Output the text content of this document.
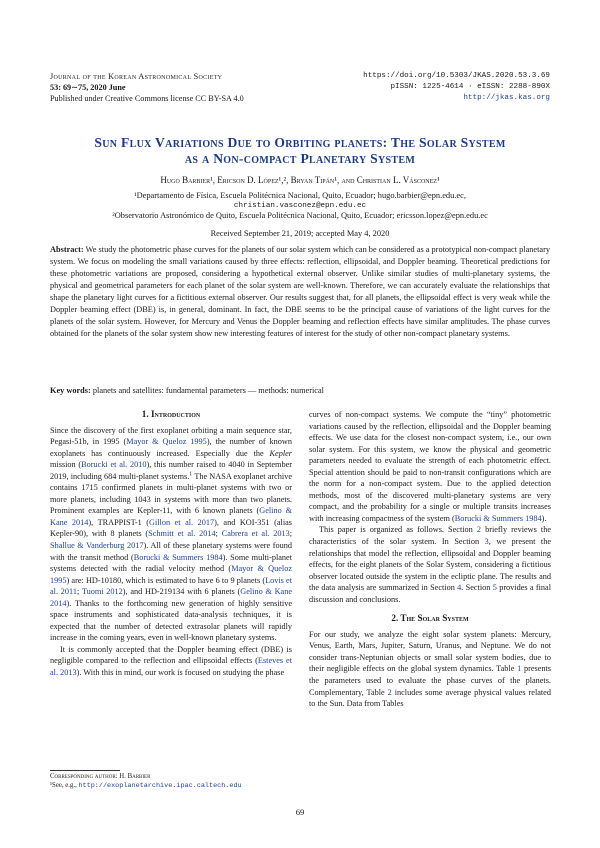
Journal of the Korean Astronomical Society
53: 69∼75, 2020 June
Published under Creative Commons license CC BY-SA 4.0
https://doi.org/10.5303/JKAS.2020.53.3.69
pISSN: 1225-4614 · eISSN: 2288-890X
http://jkas.kas.org
Sun Flux Variations Due to Orbiting planets: The Solar System
as a Non-compact Planetary System
Hugo Barbier¹, Ericson D. López¹,², Bryan Tipán¹, and Christian L. Vásconez¹
¹Departamento de Física, Escuela Politécnica Nacional, Quito, Ecuador; hugo.barbier@epn.edu.ec,
christian.vasconez@epn.edu.ec
²Observatorio Astronómico de Quito, Escuela Politécnica Nacional, Quito, Ecuador; ericsson.lopez@epn.edu.ec
Received September 21, 2019; accepted May 4, 2020
Abstract: We study the photometric phase curves for the planets of our solar system which can be considered as a prototypical non-compact planetary system. We focus on modeling the small variations caused by three effects: reflection, ellipsoidal, and Doppler beaming. Theoretical predictions for these photometric variations are proposed, considering a hypothetical external observer. Unlike similar studies of multi-planetary systems, the physical and geometrical parameters for each planet of the solar system are well-known. Therefore, we can accurately evaluate the relationships that shape the planetary light curves for a fictitious external observer. Our results suggest that, for all planets, the ellipsoidal effect is very weak while the Doppler beaming effect (DBE) is, in general, dominant. In fact, the DBE seems to be the principal cause of variations of the light curves for the planets of the solar system. However, for Mercury and Venus the Doppler beaming and reflection effects have similar amplitudes. The phase curves obtained for the planets of the solar system show new interesting features of interest for the study of other non-compact planetary systems.
Key words: planets and satellites: fundamental parameters — methods: numerical
1. Introduction

Since the discovery of the first exoplanet orbiting a main sequence star, Pegasi-51b, in 1995 (Mayor & Queloz 1995), the number of known exoplanets has continuously increased. Especially due the Kepler mission (Borucki et al. 2010), this number raised to 4040 in September 2019, including 684 multi-planet systems.$^1$ The NASA exoplanet archive contains 1715 confirmed planets in multi-planet systems with two or more planets, including 1043 in systems with more than two planets. Prominent examples are Kepler-11, with 6 known planets (Gelino & Kane 2014), TRAPPIST-1 (Gillon et al. 2017), and KOI-351 (alias Kepler-90), with 8 planets (Schmitt et al. 2014; Cabrera et al. 2013; Shallue & Vanderburg 2017). All of these planetary systems were found with the transit method (Borucki & Summers 1984). Some multi-planet systems detected with the radial velocity method (Mayor & Queloz 1995) are: HD-10180, which is estimated to have 6 to 9 planets (Lovis et al. 2011; Tuomi 2012), and HD-219134 with 6 planets (Gelino & Kane 2014). Thanks to the forthcoming new generation of highly sensitive space instruments and sophisticated data-analysis techniques, it is expected that the number of detected extrasolar planets will rapidly increase in the coming years, even in well-known planetary systems.

It is commonly accepted that the Doppler beaming effect (DBE) is negligible compared to the reflection and ellipsoidal effects (Esteves et al. 2013). With this in mind, our work is focused on studying the phase

Corresponding author: H. Barbier
¹See, e.g., http://exoplanetarchive.ipac.caltech.edu

curves of non-compact systems. We compute the “tiny” photometric variations caused by the reflection, ellipsoidal and the Doppler beaming effects. We use data for the closest non-compact system, i.e., our own solar system. For this system, we know the physical and geometric parameters needed to evaluate the strength of each photometric effect. Special attention should be paid to non-transit configurations which are the norm for a non-compact system. Due to the applied detection methods, most of the discovered multi-planetary systems are very compact, and the probability for a single or multiple transits increases with increasing compactness of the system (Borucki & Summers 1984).

This paper is organized as follows. Section 2 briefly reviews the characteristics of the solar system. In Section 3, we present the relationships that model the reflection, ellipsoidal and Doppler beaming effects, for the eight planets of the Solar System, considering a fictitious observer located outside the system in the ecliptic plane. The results and the data analysis are summarized in Section 4. Section 5 provides a final discussion and conclusions.

2. The Solar System

For our study, we analyze the eight solar system planets: Mercury, Venus, Earth, Mars, Jupiter, Saturn, Uranus, and Neptune. We do not consider trans-Neptunian objects or small solar system bodies, due to their negligible effects on the global system dynamics. Table 1 presents the parameters used to evaluate the phase curves of the planets. Complementary, Table 2 includes some average physical values related to the Sun. Data from Tables

69
